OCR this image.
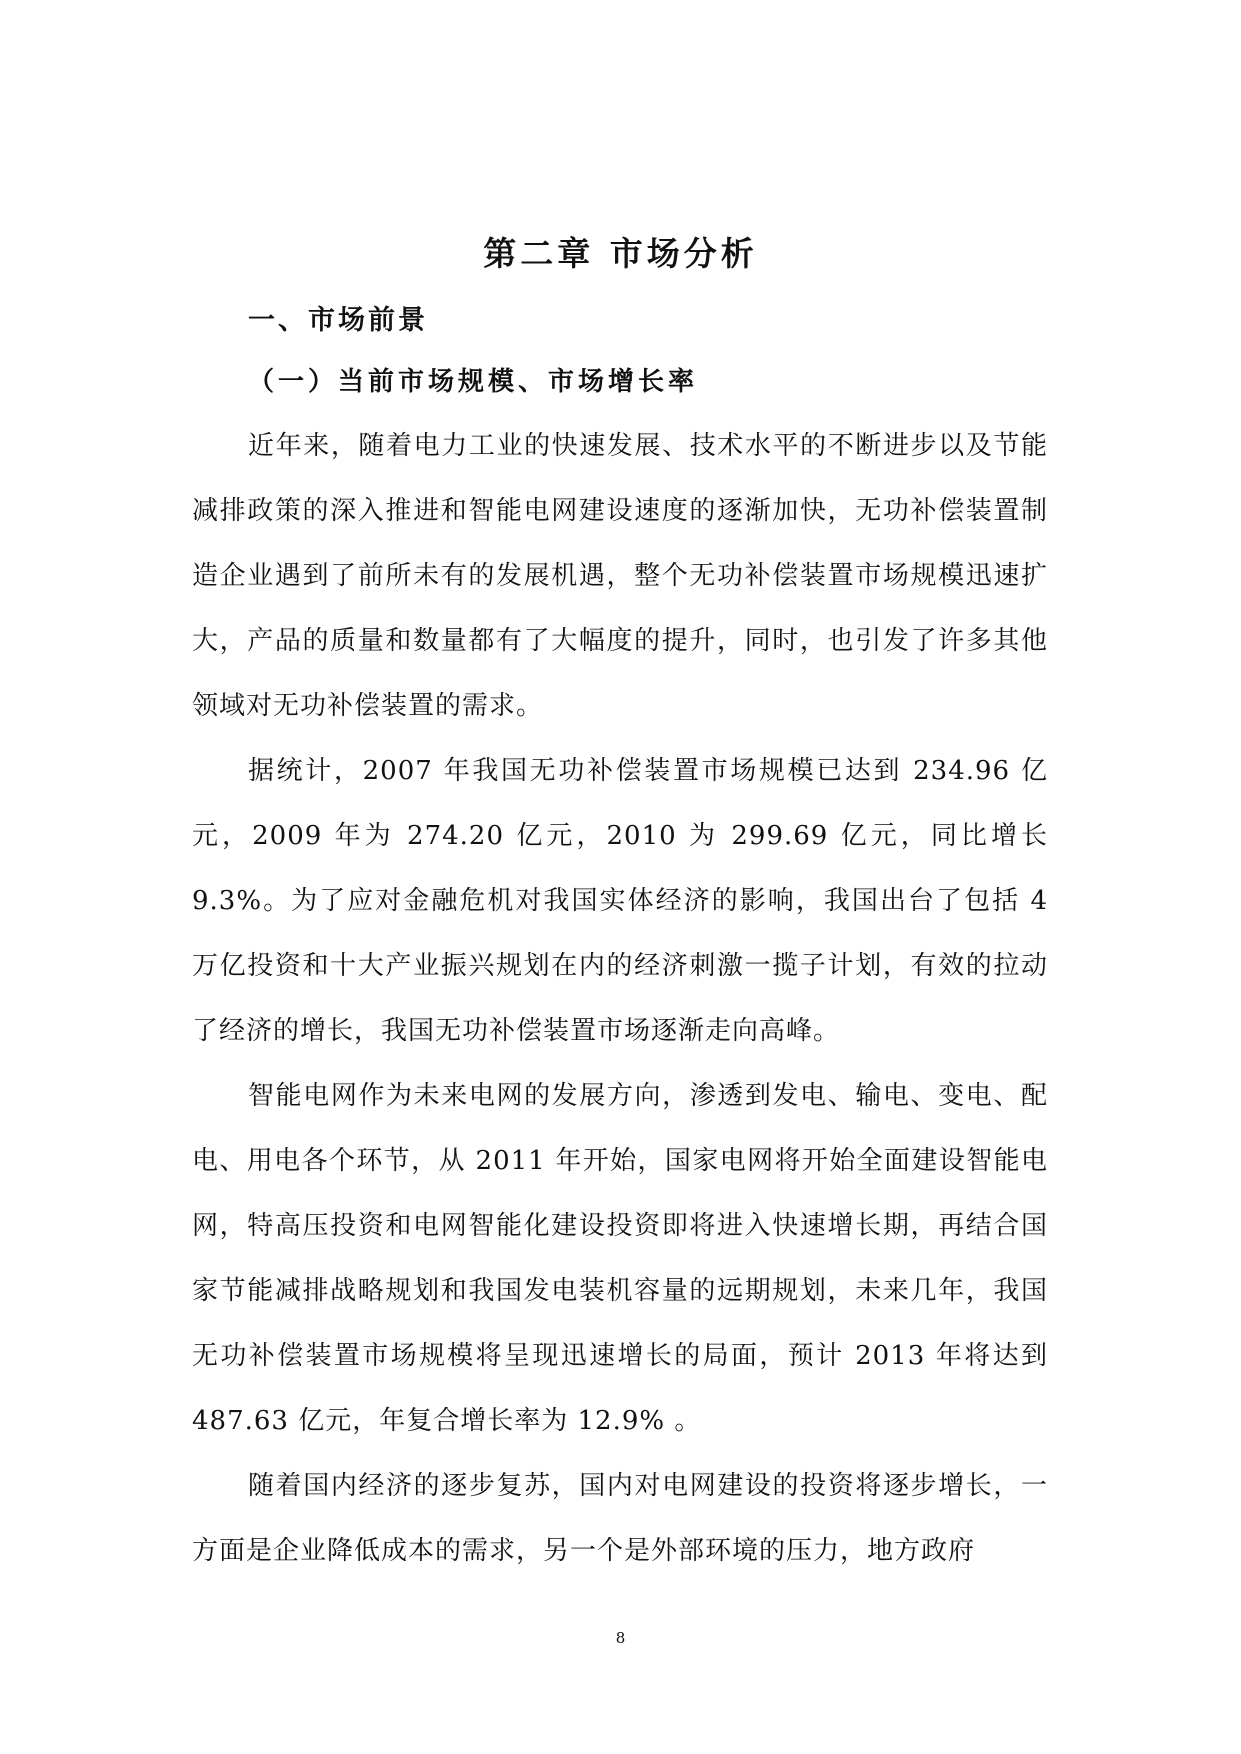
第二章 市场分析
一、市场前景
（一）当前市场规模、市场增长率

近年来，随着电力工业的快速发展、技术水平的不断进步以及节能减排政策的深入推进和智能电网建设速度的逐渐加快，无功补偿装置制造企业遇到了前所未有的发展机遇，整个无功补偿装置市场规模迅速扩大，产品的质量和数量都有了大幅度的提升，同时，也引发了许多其他领域对无功补偿装置的需求。

据统计，2007 年我国无功补偿装置市场规模已达到 234.96 亿元，2009 年为 274.20 亿元，2010 为 299.69 亿元，同比增长 9.3%。为了应对金融危机对我国实体经济的影响，我国出台了包括 4 万亿投资和十大产业振兴规划在内的经济刺激一揽子计划，有效的拉动了经济的增长，我国无功补偿装置市场逐渐走向高峰。

智能电网作为未来电网的发展方向，渗透到发电、输电、变电、配电、用电各个环节，从 2011 年开始，国家电网将开始全面建设智能电网，特高压投资和电网智能化建设投资即将进入快速增长期，再结合国家节能减排战略规划和我国发电装机容量的远期规划，未来几年，我国无功补偿装置市场规模将呈现迅速增长的局面，预计 2013 年将达到 487.63 亿元，年复合增长率为 12.9% 。

随着国内经济的逐步复苏，国内对电网建设的投资将逐步增长，一方面是企业降低成本的需求，另一个是外部环境的压力，地方政府

8
